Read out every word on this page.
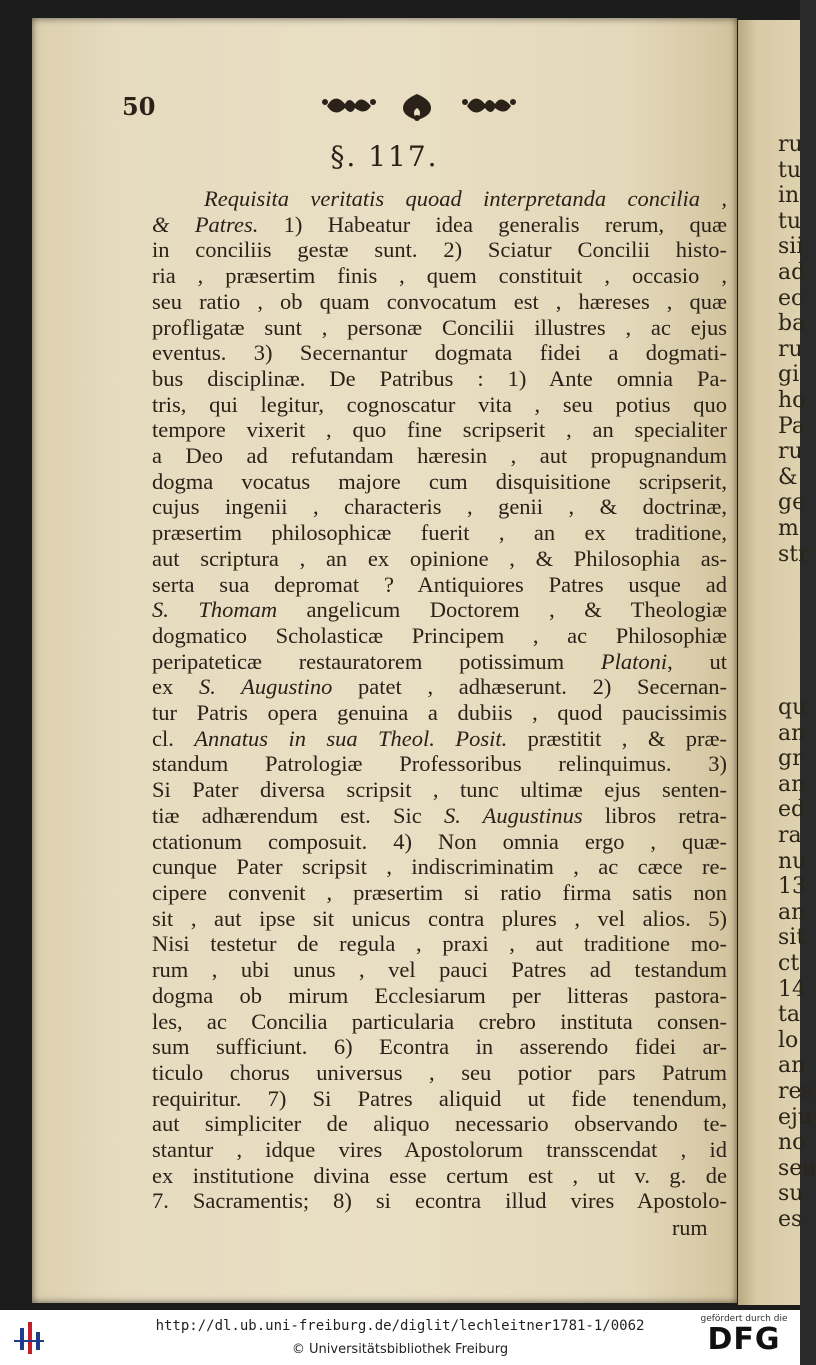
50
§. 117.
Requisita veritatis quoad interpretanda concilia ,
& Patres. 1) Habeatur idea generalis rerum, quæ
in conciliis gestæ sunt. 2) Sciatur Concilii histo-
ria , præsertim finis , quem constituit , occasio ,
seu ratio , ob quam convocatum est , hæreses , quæ
profligatæ sunt , personæ Concilii illustres , ac ejus
eventus. 3) Secernantur dogmata fidei a dogmati-
bus disciplinæ. De Patribus : 1) Ante omnia Pa-
tris, qui legitur, cognoscatur vita , seu potius quo
tempore vixerit , quo fine scripserit , an specialiter
a Deo ad refutandam hæresin , aut propugnandum
dogma vocatus majore cum disquisitione scripserit,
cujus ingenii , characteris , genii , & doctrinæ,
præsertim philosophicæ fuerit , an ex traditione,
aut scriptura , an ex opinione , & Philosophia as-
serta sua depromat ? Antiquiores Patres usque ad
S. Thomam angelicum Doctorem , & Theologiæ
dogmatico Scholasticæ Principem , ac Philosophiæ
peripateticæ restauratorem potissimum Platoni, ut
ex S. Augustino patet , adhæserunt. 2) Secernan-
tur Patris opera genuina a dubiis , quod paucissimis
cl. Annatus in sua Theol. Posit. præstitit , & præ-
standum Patrologiæ Professoribus relinquimus. 3)
Si Pater diversa scripsit , tunc ultimæ ejus senten-
tiæ adhærendum est. Sic S. Augustinus libros retra-
ctationum composuit. 4) Non omnia ergo , quæ-
cunque Pater scripsit , indiscriminatim , ac cæce re-
cipere convenit , præsertim si ratio firma satis non
sit , aut ipse sit unicus contra plures , vel alios. 5)
Nisi testetur de regula , praxi , aut traditione mo-
rum , ubi unus , vel pauci Patres ad testandum
dogma ob mirum Ecclesiarum per litteras pastora-
les, ac Concilia particularia crebro instituta consen-
sum sufficiunt. 6) Econtra in asserendo fidei ar-
ticulo chorus universus , seu potior pars Patrum
requiritur. 7) Si Patres aliquid ut fide tenendum,
aut simpliciter de aliquo necessario observando te-
stantur , idque vires Apostolorum transscendat , id
ex institutione divina esse certum est , ut v. g. de
7. Sacramentis; 8) si econtra illud vires Apostolo-
rum
ru
tu
in
tu
sii
ad
ec
ba
ru
gi
ho
Pa
ru
&
ge
m
str

qu
an
gr
an
ed
ra
nu
13
an
sit
ct
14
ta
lo
an
res
eju
no
seu
su
es
http://dl.ub.uni-freiburg.de/diglit/lechleitner1781-1/0062
© Universitätsbibliothek Freiburg
gefördert durch die
DFG
